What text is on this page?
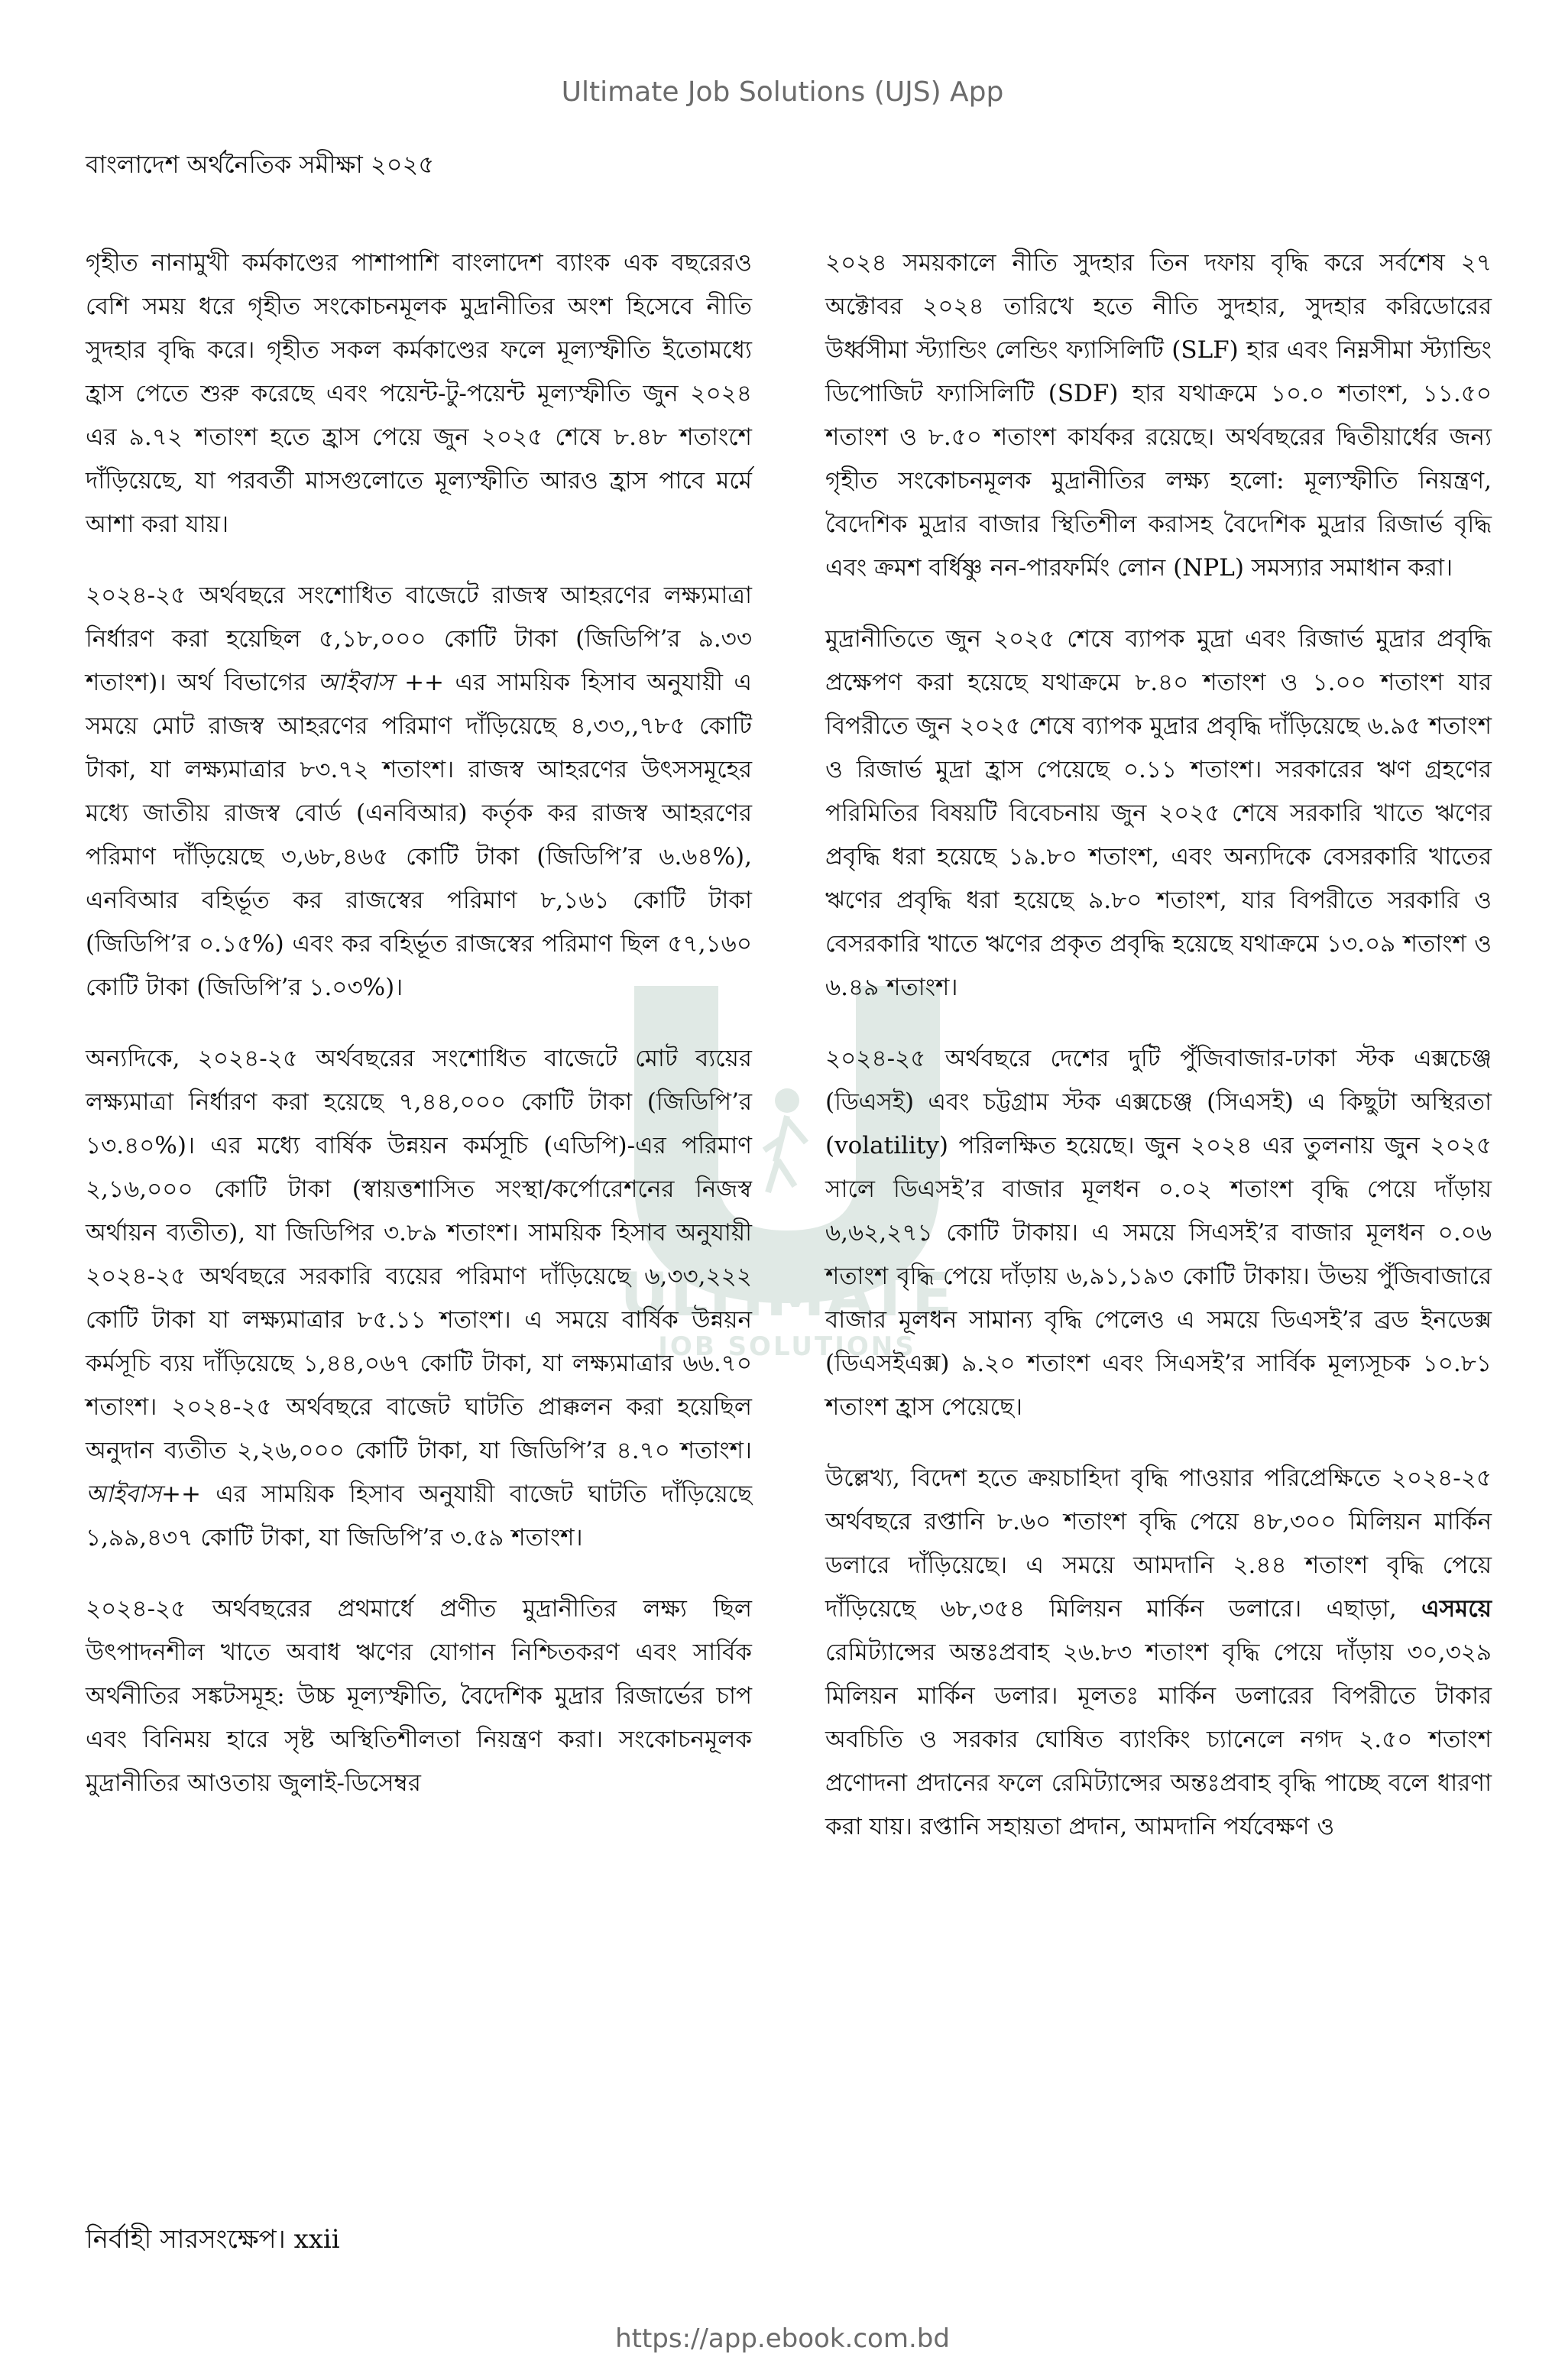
Ultimate Job Solutions (UJS) App
বাংলাদেশ অর্থনৈতিক সমীক্ষা ২০২৫
ULTIMATE
JOB SOLUTIONS

গৃহীত নানামুখী কর্মকাণ্ডের পাশাপাশি বাংলাদেশ ব্যাংক এক বছরেরও বেশি সময় ধরে গৃহীত সংকোচনমূলক মুদ্রানীতির অংশ হিসেবে নীতি সুদহার বৃদ্ধি করে। গৃহীত সকল কর্মকাণ্ডের ফলে মূল্যস্ফীতি ইতোমধ্যে হ্রাস পেতে শুরু করেছে এবং পয়েন্ট-টু-পয়েন্ট মূল্যস্ফীতি জুন ২০২৪ এর ৯.৭২ শতাংশ হতে হ্রাস পেয়ে জুন ২০২৫ শেষে ৮.৪৮ শতাংশে দাঁড়িয়েছে, যা পরবর্তী মাসগুলোতে মূল্যস্ফীতি আরও হ্রাস পাবে মর্মে আশা করা যায়।

২০২৪-২৫ অর্থবছরে সংশোধিত বাজেটে রাজস্ব আহরণের লক্ষ্যমাত্রা নির্ধারণ করা হয়েছিল ৫,১৮,০০০ কোটি টাকা (জিডিপি’র ৯.৩৩ শতাংশ)। অর্থ বিভাগের আইবাস ++ এর সাময়িক হিসাব অনুযায়ী এ সময়ে মোট রাজস্ব আহরণের পরিমাণ দাঁড়িয়েছে ৪,৩৩,,৭৮৫ কোটি টাকা, যা লক্ষ্যমাত্রার ৮৩.৭২ শতাংশ। রাজস্ব আহরণের উৎসসমূহের মধ্যে জাতীয় রাজস্ব বোর্ড (এনবিআর) কর্তৃক কর রাজস্ব আহরণের পরিমাণ দাঁড়িয়েছে ৩,৬৮,৪৬৫ কোটি টাকা (জিডিপি’র ৬.৬৪%), এনবিআর বহির্ভূত কর রাজস্বের পরিমাণ ৮,১৬১ কোটি টাকা (জিডিপি’র ০.১৫%) এবং কর বহির্ভূত রাজস্বের পরিমাণ ছিল ৫৭,১৬০ কোটি টাকা (জিডিপি’র ১.০৩%)।

অন্যদিকে, ২০২৪-২৫ অর্থবছরের সংশোধিত বাজেটে মোট ব্যয়ের লক্ষ্যমাত্রা নির্ধারণ করা হয়েছে ৭,৪৪,০০০ কোটি টাকা (জিডিপি’র ১৩.৪০%)। এর মধ্যে বার্ষিক উন্নয়ন কর্মসূচি (এডিপি)-এর পরিমাণ ২,১৬,০০০ কোটি টাকা (স্বায়ত্তশাসিত সংস্থা/কর্পোরেশনের নিজস্ব অর্থায়ন ব্যতীত), যা জিডিপির ৩.৮৯ শতাংশ। সাময়িক হিসাব অনুযায়ী ২০২৪-২৫ অর্থবছরে সরকারি ব্যয়ের পরিমাণ দাঁড়িয়েছে ৬,৩৩,২২২ কোটি টাকা যা লক্ষ্যমাত্রার ৮৫.১১ শতাংশ। এ সময়ে বার্ষিক উন্নয়ন কর্মসূচি ব্যয় দাঁড়িয়েছে ১,৪৪,০৬৭ কোটি টাকা, যা লক্ষ্যমাত্রার ৬৬.৭০ শতাংশ। ২০২৪-২৫ অর্থবছরে বাজেট ঘাটতি প্রাক্কলন করা হয়েছিল অনুদান ব্যতীত ২,২৬,০০০ কোটি টাকা, যা জিডিপি’র ৪.৭০ শতাংশ। আইবাস++ এর সাময়িক হিসাব অনুযায়ী বাজেট ঘাটতি দাঁড়িয়েছে ১,৯৯,৪৩৭ কোটি টাকা, যা জিডিপি’র ৩.৫৯ শতাংশ।

২০২৪-২৫ অর্থবছরের প্রথমার্ধে প্রণীত মুদ্রানীতির লক্ষ্য ছিল উৎপাদনশীল খাতে অবাধ ঋণের যোগান নিশ্চিতকরণ এবং সার্বিক অর্থনীতির সঙ্কটসমূহ: উচ্চ মূল্যস্ফীতি, বৈদেশিক মুদ্রার রিজার্ভের চাপ এবং বিনিময় হারে সৃষ্ট অস্থিতিশীলতা নিয়ন্ত্রণ করা। সংকোচনমূলক মুদ্রানীতির আওতায় জুলাই-ডিসেম্বর

২০২৪ সময়কালে নীতি সুদহার তিন দফায় বৃদ্ধি করে সর্বশেষ ২৭ অক্টোবর ২০২৪ তারিখে হতে নীতি সুদহার, সুদহার করিডোরের উর্ধ্বসীমা স্ট্যান্ডিং লেন্ডিং ফ্যাসিলিটি (SLF) হার এবং নিম্নসীমা স্ট্যান্ডিং ডিপোজিট ফ্যাসিলিটি (SDF) হার যথাক্রমে ১০.০ শতাংশ, ১১.৫০ শতাংশ ও ৮.৫০ শতাংশ কার্যকর রয়েছে। অর্থবছরের দ্বিতীয়ার্ধের জন্য গৃহীত সংকোচনমূলক মুদ্রানীতির লক্ষ্য হলো: মূল্যস্ফীতি নিয়ন্ত্রণ, বৈদেশিক মুদ্রার বাজার স্থিতিশীল করাসহ বৈদেশিক মুদ্রার রিজার্ভ বৃদ্ধি এবং ক্রমশ বর্ধিষ্ণু নন-পারফর্মিং লোন (NPL) সমস্যার সমাধান করা।

মুদ্রানীতিতে জুন ২০২৫ শেষে ব্যাপক মুদ্রা এবং রিজার্ভ মুদ্রার প্রবৃদ্ধি প্রক্ষেপণ করা হয়েছে যথাক্রমে ৮.৪০ শতাংশ ও ১.০০ শতাংশ যার বিপরীতে জুন ২০২৫ শেষে ব্যাপক মুদ্রার প্রবৃদ্ধি দাঁড়িয়েছে ৬.৯৫ শতাংশ ও রিজার্ভ মুদ্রা হ্রাস পেয়েছে ০.১১ শতাংশ। সরকারের ঋণ গ্রহণের পরিমিতির বিষয়টি বিবেচনায় জুন ২০২৫ শেষে সরকারি খাতে ঋণের প্রবৃদ্ধি ধরা হয়েছে ১৯.৮০ শতাংশ, এবং অন্যদিকে বেসরকারি খাতের ঋণের প্রবৃদ্ধি ধরা হয়েছে ৯.৮০ শতাংশ, যার বিপরীতে সরকারি ও বেসরকারি খাতে ঋণের প্রকৃত প্রবৃদ্ধি হয়েছে যথাক্রমে ১৩.০৯ শতাংশ ও ৬.৪৯ শতাংশ।

২০২৪-২৫ অর্থবছরে দেশের দুটি পুঁজিবাজার-ঢাকা স্টক এক্সচেঞ্জ (ডিএসই) এবং চট্টগ্রাম স্টক এক্সচেঞ্জ (সিএসই) এ কিছুটা অস্থিরতা (volatility) পরিলক্ষিত হয়েছে। জুন ২০২৪ এর তুলনায় জুন ২০২৫ সালে ডিএসই’র বাজার মূলধন ০.০২ শতাংশ বৃদ্ধি পেয়ে দাঁড়ায় ৬,৬২,২৭১ কোটি টাকায়। এ সময়ে সিএসই’র বাজার মূলধন ০.০৬ শতাংশ বৃদ্ধি পেয়ে দাঁড়ায় ৬,৯১,১৯৩ কোটি টাকায়। উভয় পুঁজিবাজারে বাজার মূলধন সামান্য বৃদ্ধি পেলেও এ সময়ে ডিএসই’র ব্রড ইনডেক্স (ডিএসইএক্স) ৯.২০ শতাংশ এবং সিএসই’র সার্বিক মূল্যসূচক ১০.৮১ শতাংশ হ্রাস পেয়েছে।

উল্লেখ্য, বিদেশ হতে ক্রয়চাহিদা বৃদ্ধি পাওয়ার পরিপ্রেক্ষিতে ২০২৪-২৫ অর্থবছরে রপ্তানি ৮.৬০ শতাংশ বৃদ্ধি পেয়ে ৪৮,৩০০ মিলিয়ন মার্কিন ডলারে দাঁড়িয়েছে। এ সময়ে আমদানি ২.৪৪ শতাংশ বৃদ্ধি পেয়ে দাঁড়িয়েছে ৬৮,৩৫৪ মিলিয়ন মার্কিন ডলারে। এছাড়া, এসময়ে রেমিট্যান্সের অন্তঃপ্রবাহ ২৬.৮৩ শতাংশ বৃদ্ধি পেয়ে দাঁড়ায় ৩০,৩২৯ মিলিয়ন মার্কিন ডলার। মূলতঃ মার্কিন ডলারের বিপরীতে টাকার অবচিতি ও সরকার ঘোষিত ব্যাংকিং চ্যানেলে নগদ ২.৫০ শতাংশ প্রণোদনা প্রদানের ফলে রেমিট্যান্সের অন্তঃপ্রবাহ বৃদ্ধি পাচ্ছে বলে ধারণা করা যায়। রপ্তানি সহায়তা প্রদান, আমদানি পর্যবেক্ষণ ও

নির্বাহী সারসংক্ষেপ। xxii
https://app.ebook.com.bd
